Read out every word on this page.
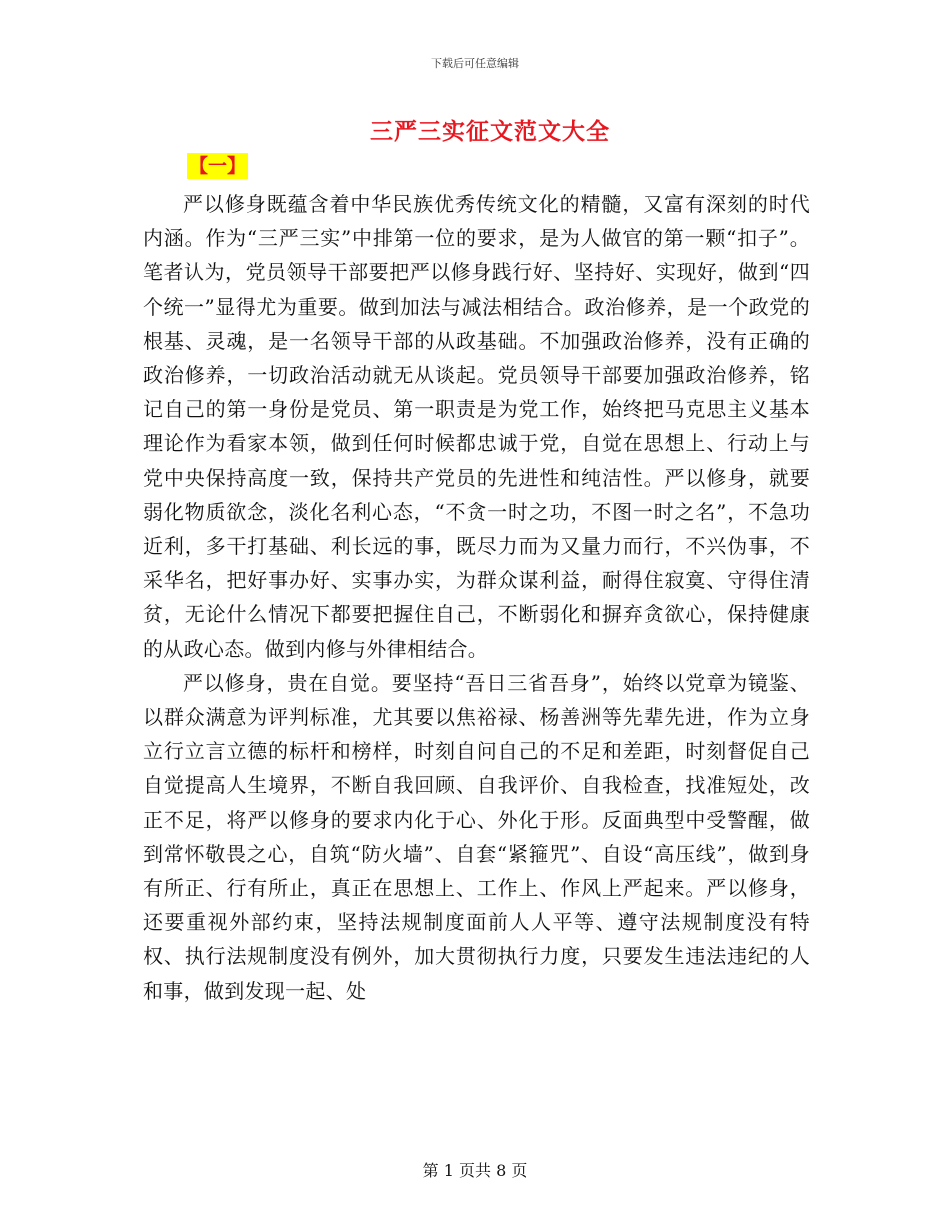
下载后可任意编辑
三严三实征文范文大全
【一】

严以修身既蕴含着中华民族优秀传统文化的精髓，又富有深刻的时代内涵。作为“三严三实”中排第一位的要求，是为人做官的第一颗“扣子”。笔者认为，党员领导干部要把严以修身践行好、坚持好、实现好，做到“四个统一”显得尤为重要。做到加法与减法相结合。政治修养，是一个政党的根基、灵魂，是一名领导干部的从政基础。不加强政治修养，没有正确的政治修养，一切政治活动就无从谈起。党员领导干部要加强政治修养，铭记自己的第一身份是党员、第一职责是为党工作，始终把马克思主义基本理论作为看家本领，做到任何时候都忠诚于党，自觉在思想上、行动上与党中央保持高度一致，保持共产党员的先进性和纯洁性。严以修身，就要弱化物质欲念，淡化名利心态，“不贪一时之功，不图一时之名”，不急功近利，多干打基础、利长远的事，既尽力而为又量力而行，不兴伪事，不采华名，把好事办好、实事办实，为群众谋利益，耐得住寂寞、守得住清贫，无论什么情况下都要把握住自己，不断弱化和摒弃贪欲心，保持健康的从政心态。做到内修与外律相结合。

严以修身，贵在自觉。要坚持“吾日三省吾身”，始终以党章为镜鉴、以群众满意为评判标准，尤其要以焦裕禄、杨善洲等先辈先进，作为立身立行立言立德的标杆和榜样，时刻自问自己的不足和差距，时刻督促自己自觉提高人生境界，不断自我回顾、自我评价、自我检查，找准短处，改正不足，将严以修身的要求内化于心、外化于形。反面典型中受警醒，做到常怀敬畏之心，自筑“防火墙”、自套“紧箍咒”、自设“高压线”，做到身有所正、行有所止，真正在思想上、工作上、作风上严起来。严以修身，还要重视外部约束，坚持法规制度面前人人平等、遵守法规制度没有特权、执行法规制度没有例外，加大贯彻执行力度，只要发生违法违纪的人和事，做到发现一起、处

第 1 页共 8 页
